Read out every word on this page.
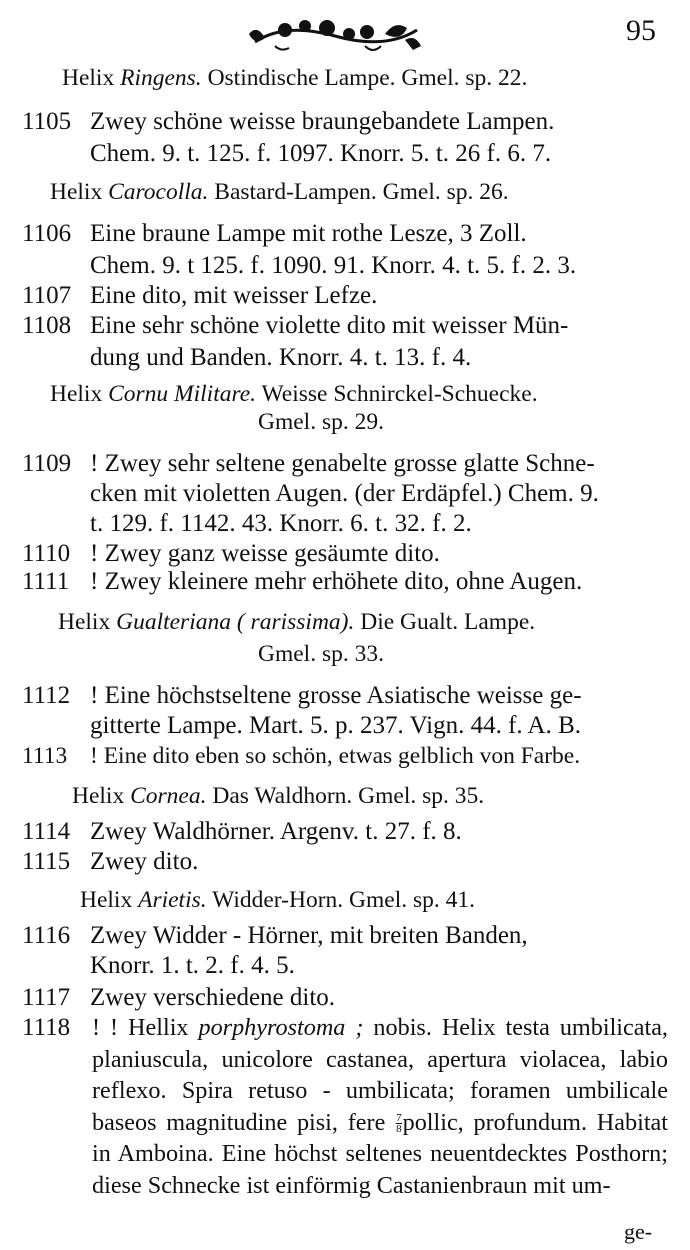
95
Helix Ringens. Ostindische Lampe. Gmel. sp. 22.
1105 Zwey schöne weisse braungebandete Lampen.
Chem. 9. t. 125. f. 1097. Knorr. 5. t. 26 f. 6. 7.
Helix Carocolla. Bastard-Lampen. Gmel. sp. 26.
1106 Eine braune Lampe mit rothe Lesze, 3 Zoll.
Chem. 9. t 125. f. 1090. 91. Knorr. 4. t. 5. f. 2. 3.
1107 Eine dito, mit weisser Lefze.
1108 Eine sehr schöne violette dito mit weisser Mün-
dung und Banden. Knorr. 4. t. 13. f. 4.
Helix Cornu Militare. Weisse Schnirckel-Schuecke.
Gmel. sp. 29.
1109 ! Zwey sehr seltene genabelte grosse glatte Schne-
cken mit violetten Augen. (der Erdäpfel.) Chem. 9.
t. 129. f. 1142. 43. Knorr. 6. t. 32. f. 2.
1110 ! Zwey ganz weisse gesäumte dito.
1111 ! Zwey kleinere mehr erhöhete dito, ohne Augen.
Helix Gualteriana ( rarissima). Die Gualt. Lampe.
Gmel. sp. 33.
1112 ! Eine höchstseltene grosse Asiatische weisse ge-
gitterte Lampe. Mart. 5. p. 237. Vign. 44. f. A. B.
1113 ! Eine dito eben so schön, etwas gelblich von Farbe.
Helix Cornea. Das Waldhorn. Gmel. sp. 35.
1114 Zwey Waldhörner. Argenv. t. 27. f. 8.
1115 Zwey dito.
Helix Arietis. Widder-Horn. Gmel. sp. 41.
1116 Zwey Widder - Hörner, mit breiten Banden,
Knorr. 1. t. 2. f. 4. 5.
1117 Zwey verschiedene dito.
1118 ! ! Hellix porphyrostoma ; nobis. Helix testa umbilicata, planiuscula, unicolore castanea, apertura violacea, labio reflexo. Spira retuso - umbilicata; foramen umbilicale baseos magnitudine pisi, fere $\frac{7}{8}$ pollic, profundum. Habitat in Amboina. Eine höchst seltenes neuentdecktes Posthorn; diese Schnecke ist einförmig Castanienbraun mit um-
ge-
